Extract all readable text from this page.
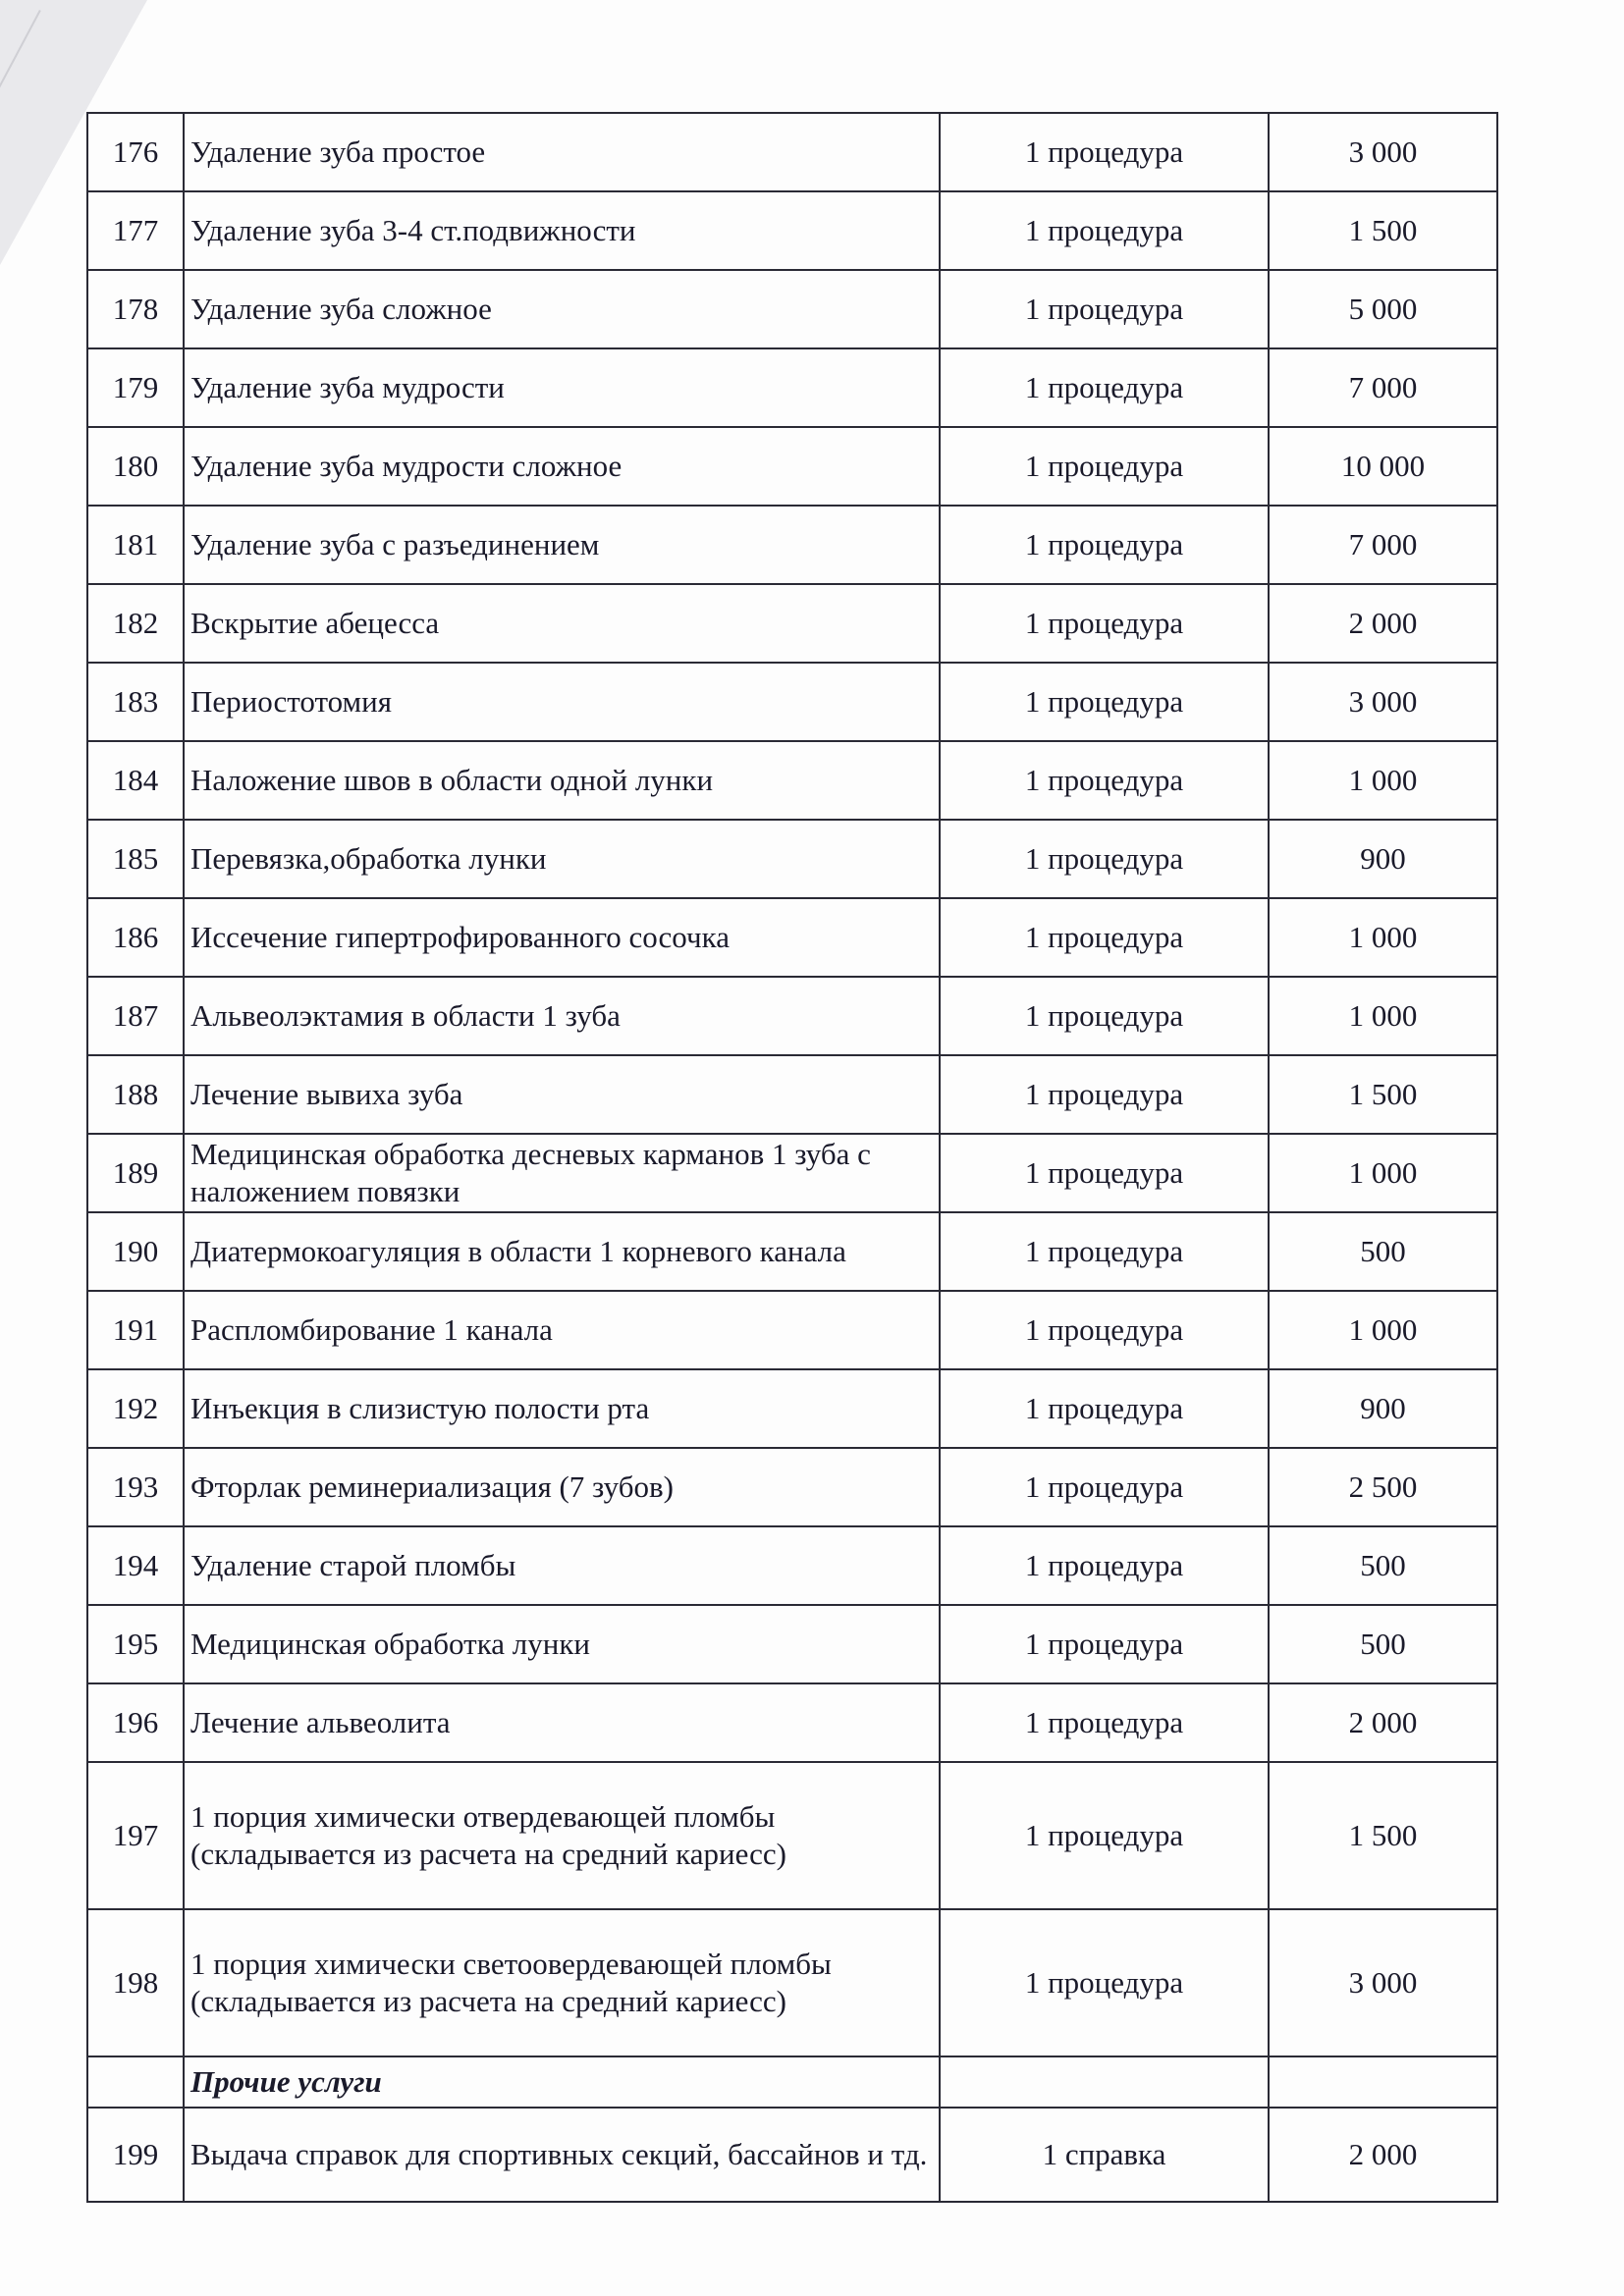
176	Удаление зуба простое	1 процедура	3 000
177	Удаление зуба 3-4 ст.подвижности	1 процедура	1 500
178	Удаление зуба сложное	1 процедура	5 000
179	Удаление зуба мудрости	1 процедура	7 000
180	Удаление зуба мудрости сложное	1 процедура	10 000
181	Удаление зуба с разъединением	1 процедура	7 000
182	Вскрытие абецесса	1 процедура	2 000
183	Периостотомия	1 процедура	3 000
184	Наложение швов в области одной лунки	1 процедура	1 000
185	Перевязка,обработка лунки	1 процедура	900
186	Иссечение гипертрофированного сосочка	1 процедура	1 000
187	Альвеолэктамия в области 1 зуба	1 процедура	1 000
188	Лечение вывиха зуба	1 процедура	1 500
189	Медицинская обработка десневых карманов 1 зуба с наложением повязки	1 процедура	1 000
190	Диатермокоагуляция в области 1 корневого канала	1 процедура	500
191	Распломбирование 1 канала	1 процедура	1 000
192	Инъекция в слизистую полости рта	1 процедура	900
193	Фторлак реминериализация (7 зубов)	1 процедура	2 500
194	Удаление старой пломбы	1 процедура	500
195	Медицинская обработка лунки	1 процедура	500
196	Лечение альвеолита	1 процедура	2 000
197	1 порция химически отвердевающей пломбы (складывается из расчета на средний кариесс)	1 процедура	1 500
198	1 порция химически светоовердевающей пломбы (складывается из расчета на средний кариесс)	1 процедура	3 000
	Прочие услуги		
199	Выдача справок для спортивных секций, бассайнов и тд.	1 справка	2 000
